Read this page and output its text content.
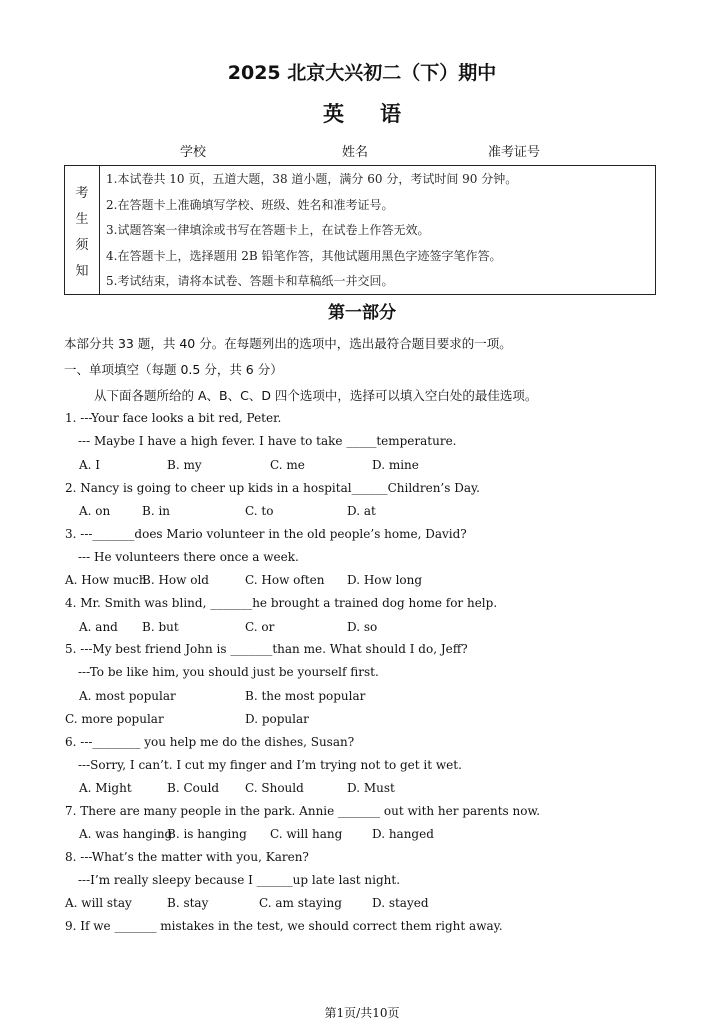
2025 北京大兴初二（下）期中
英语
学校	姓名	准考证号
考
生
须
知
1.本试卷共 10 页，五道大题，38 道小题，满分 60 分，考试时间 90 分钟。
2.在答题卡上准确填写学校、班级、姓名和准考证号。
3.试题答案一律填涂或书写在答题卡上，在试卷上作答无效。
4.在答题卡上，选择题用 2B 铅笔作答，其他试题用黑色字迹签字笔作答。
5.考试结束，请将本试卷、答题卡和草稿纸一并交回。
第一部分
本部分共 33 题，共 40 分。在每题列出的选项中，选出最符合题目要求的一项。
一、单项填空（每题 0.5 分，共 6 分）
从下面各题所给的 A、B、C、D 四个选项中，选择可以填入空白处的最佳选项。
1. ---Your face looks a bit red, Peter.
--- Maybe I have a high fever. I have to take _____temperature.
A. I	B. my	C. me	D. mine
2. Nancy is going to cheer up kids in a hospital______Children’s Day.
A. on	B. in	C. to	D. at
3. ---_______does Mario volunteer in the old people’s home, David?
--- He volunteers there once a week.
A. How much
B. How old	C. How often D. How long
4. Mr. Smith was blind, _______he brought a trained dog home for help.
A. and B. but	C. or	D. so
5. ---My best friend John is _______than me. What should I do, Jeff?
---To be like him, you should just be yourself first.
A. most popular	B. the most popular
C. more popular	D. popular
6. ---________ you help me do the dishes, Susan?
---Sorry, I can’t. I cut my finger and I’m trying not to get it wet.
A. Might	B. Could C. Should	D. Must
7. There are many people in the park. Annie _______ out with her parents now.
A. was hanging
B. is hanging C. will hang D. hanged
8. ---What’s the matter with you, Karen?
---I’m really sleepy because I ______up late last night.
A. will stay	B. stay	C. am staying	D. stayed
9. If we _______ mistakes in the test, we should correct them right away.
第1页/共10页
